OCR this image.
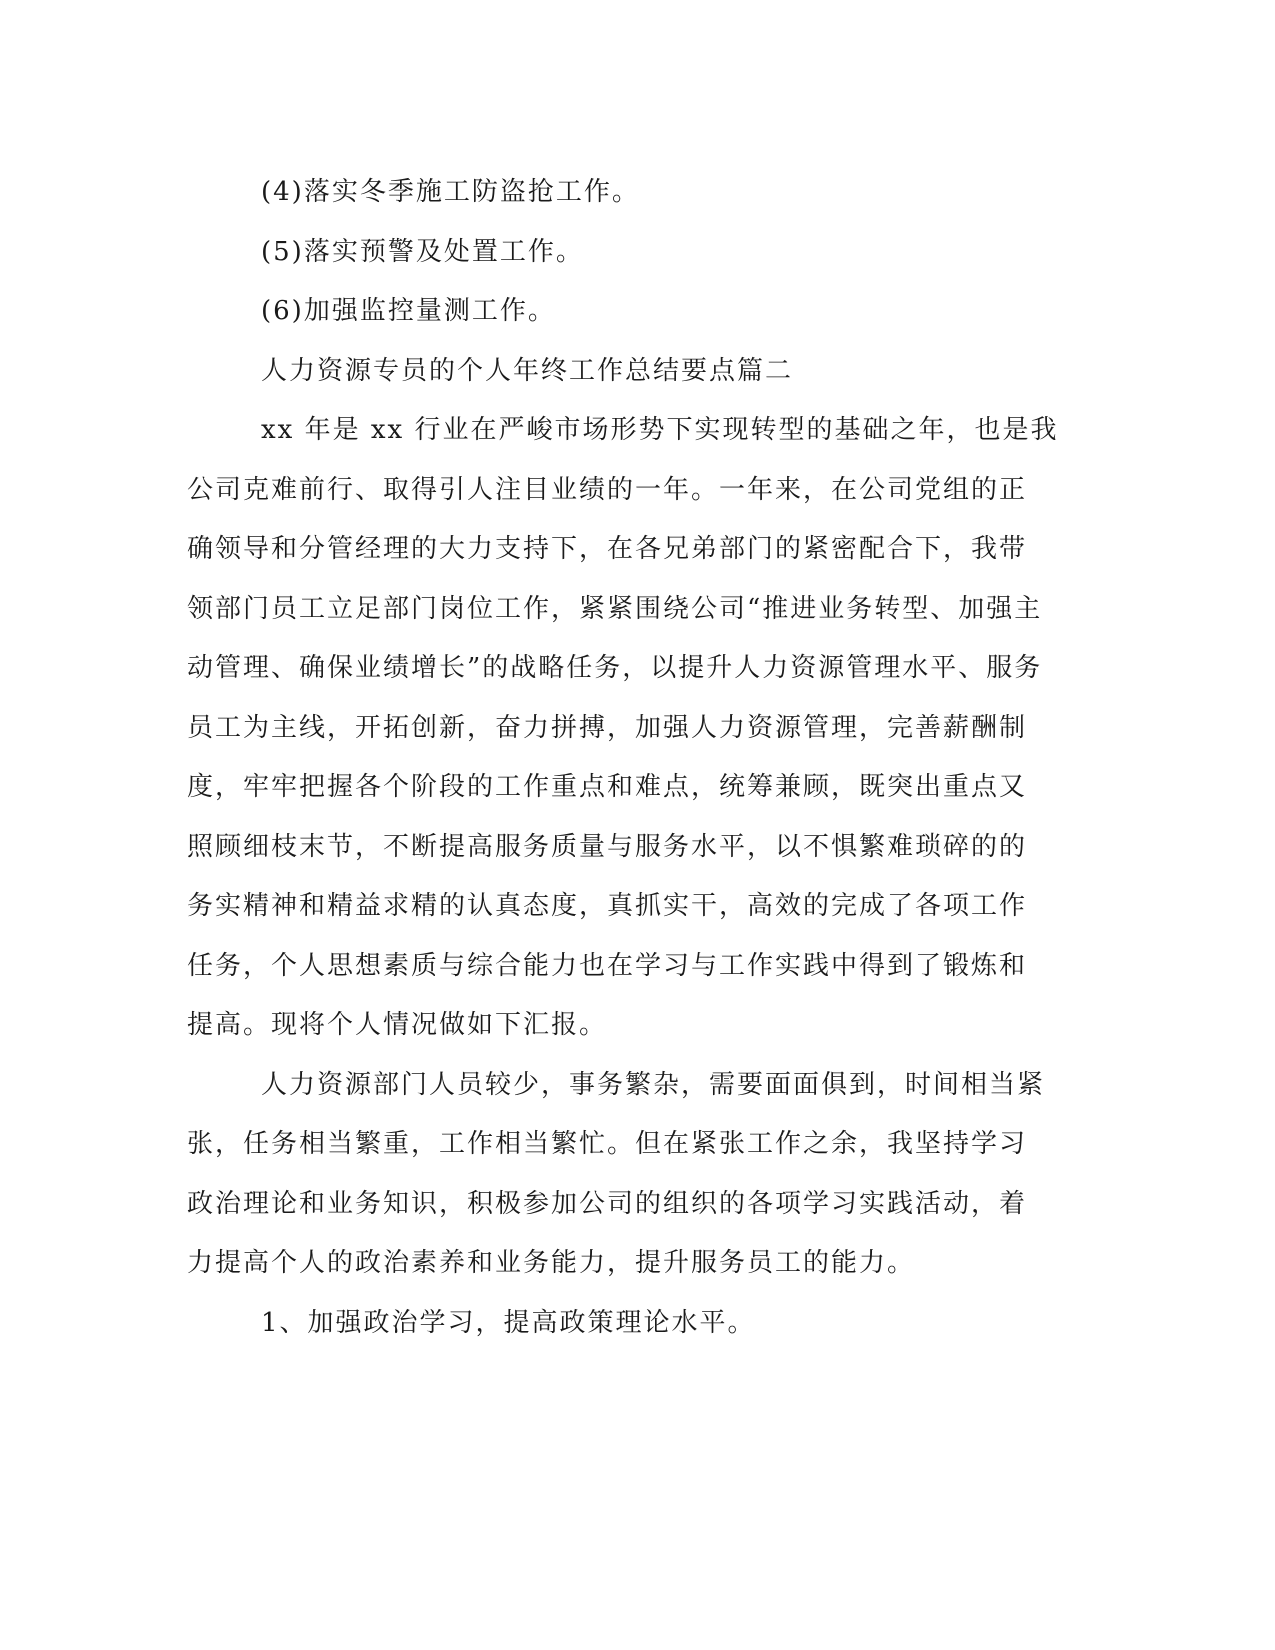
(4)落实冬季施工防盗抢工作。
(5)落实预警及处置工作。
(6)加强监控量测工作。
人力资源专员的个人年终工作总结要点篇二
xx 年是 xx 行业在严峻市场形势下实现转型的基础之年，也是我
公司克难前行、取得引人注目业绩的一年。一年来，在公司党组的正
确领导和分管经理的大力支持下，在各兄弟部门的紧密配合下，我带
领部门员工立足部门岗位工作，紧紧围绕公司“推进业务转型、加强主
动管理、确保业绩增长”的战略任务，以提升人力资源管理水平、服务
员工为主线，开拓创新，奋力拼搏，加强人力资源管理，完善薪酬制
度，牢牢把握各个阶段的工作重点和难点，统筹兼顾，既突出重点又
照顾细枝末节，不断提高服务质量与服务水平，以不惧繁难琐碎的的
务实精神和精益求精的认真态度，真抓实干，高效的完成了各项工作
任务，个人思想素质与综合能力也在学习与工作实践中得到了锻炼和
提高。现将个人情况做如下汇报。
人力资源部门人员较少，事务繁杂，需要面面俱到，时间相当紧
张，任务相当繁重，工作相当繁忙。但在紧张工作之余，我坚持学习
政治理论和业务知识，积极参加公司的组织的各项学习实践活动，着
力提高个人的政治素养和业务能力，提升服务员工的能力。
1、加强政治学习，提高政策理论水平。
